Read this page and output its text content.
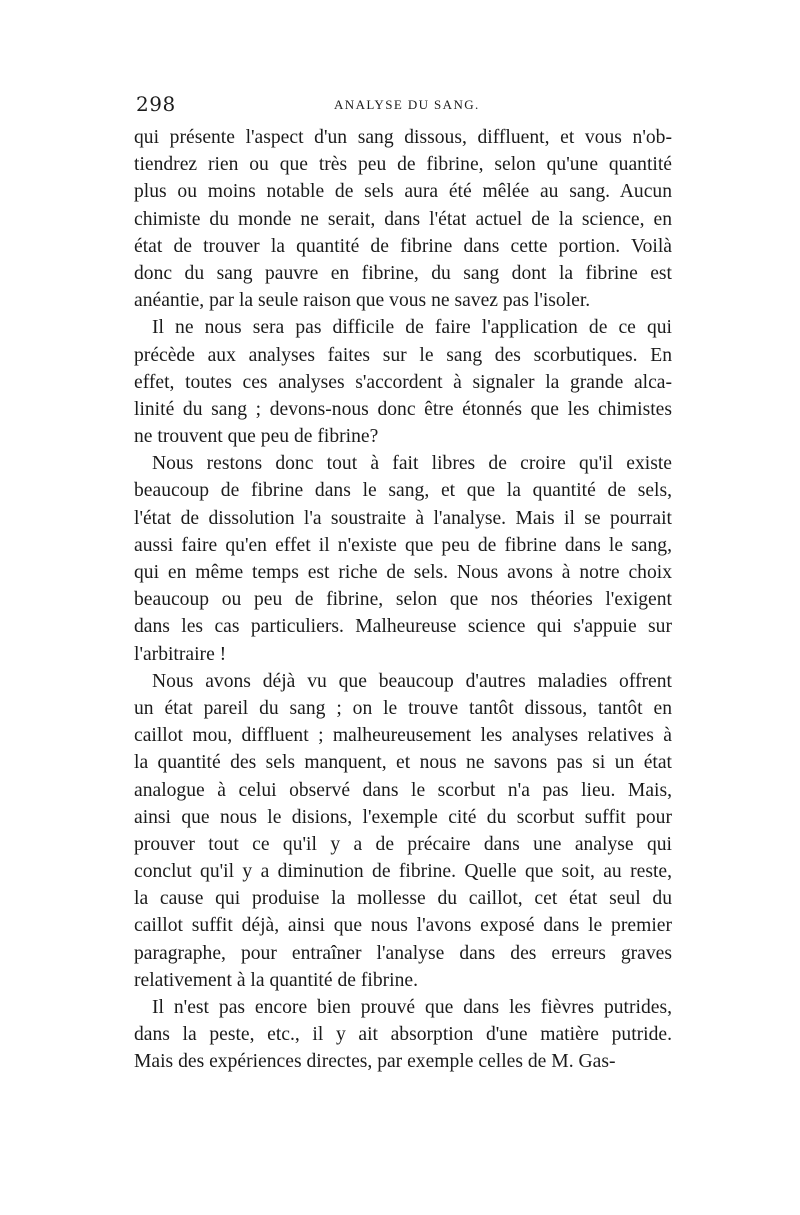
298	ANALYSE DU SANG.
qui présente l'aspect d'un sang dissous, diffluent, et vous n'ob-
tiendrez rien ou que très peu de fibrine, selon qu'une quantité
plus ou moins notable de sels aura été mêlée au sang. Aucun
chimiste du monde ne serait, dans l'état actuel de la science, en
état de trouver la quantité de fibrine dans cette portion. Voilà
donc du sang pauvre en fibrine, du sang dont la fibrine est
anéantie, par la seule raison que vous ne savez pas l'isoler.
Il ne nous sera pas difficile de faire l'application de ce qui
précède aux analyses faites sur le sang des scorbutiques. En
effet, toutes ces analyses s'accordent à signaler la grande alca-
linité du sang ; devons-nous donc être étonnés que les chimistes
ne trouvent que peu de fibrine?
Nous restons donc tout à fait libres de croire qu'il existe
beaucoup de fibrine dans le sang, et que la quantité de sels,
l'état de dissolution l'a soustraite à l'analyse. Mais il se pourrait
aussi faire qu'en effet il n'existe que peu de fibrine dans le sang,
qui en même temps est riche de sels. Nous avons à notre choix
beaucoup ou peu de fibrine, selon que nos théories l'exigent
dans les cas particuliers. Malheureuse science qui s'appuie sur
l'arbitraire !
Nous avons déjà vu que beaucoup d'autres maladies offrent
un état pareil du sang ; on le trouve tantôt dissous, tantôt en
caillot mou, diffluent ; malheureusement les analyses relatives à
la quantité des sels manquent, et nous ne savons pas si un état
analogue à celui observé dans le scorbut n'a pas lieu. Mais,
ainsi que nous le disions, l'exemple cité du scorbut suffit pour
prouver tout ce qu'il y a de précaire dans une analyse qui
conclut qu'il y a diminution de fibrine. Quelle que soit, au reste,
la cause qui produise la mollesse du caillot, cet état seul du
caillot suffit déjà, ainsi que nous l'avons exposé dans le premier
paragraphe, pour entraîner l'analyse dans des erreurs graves
relativement à la quantité de fibrine.
Il n'est pas encore bien prouvé que dans les fièvres putrides,
dans la peste, etc., il y ait absorption d'une matière putride.
Mais des expériences directes, par exemple celles de M. Gas-
